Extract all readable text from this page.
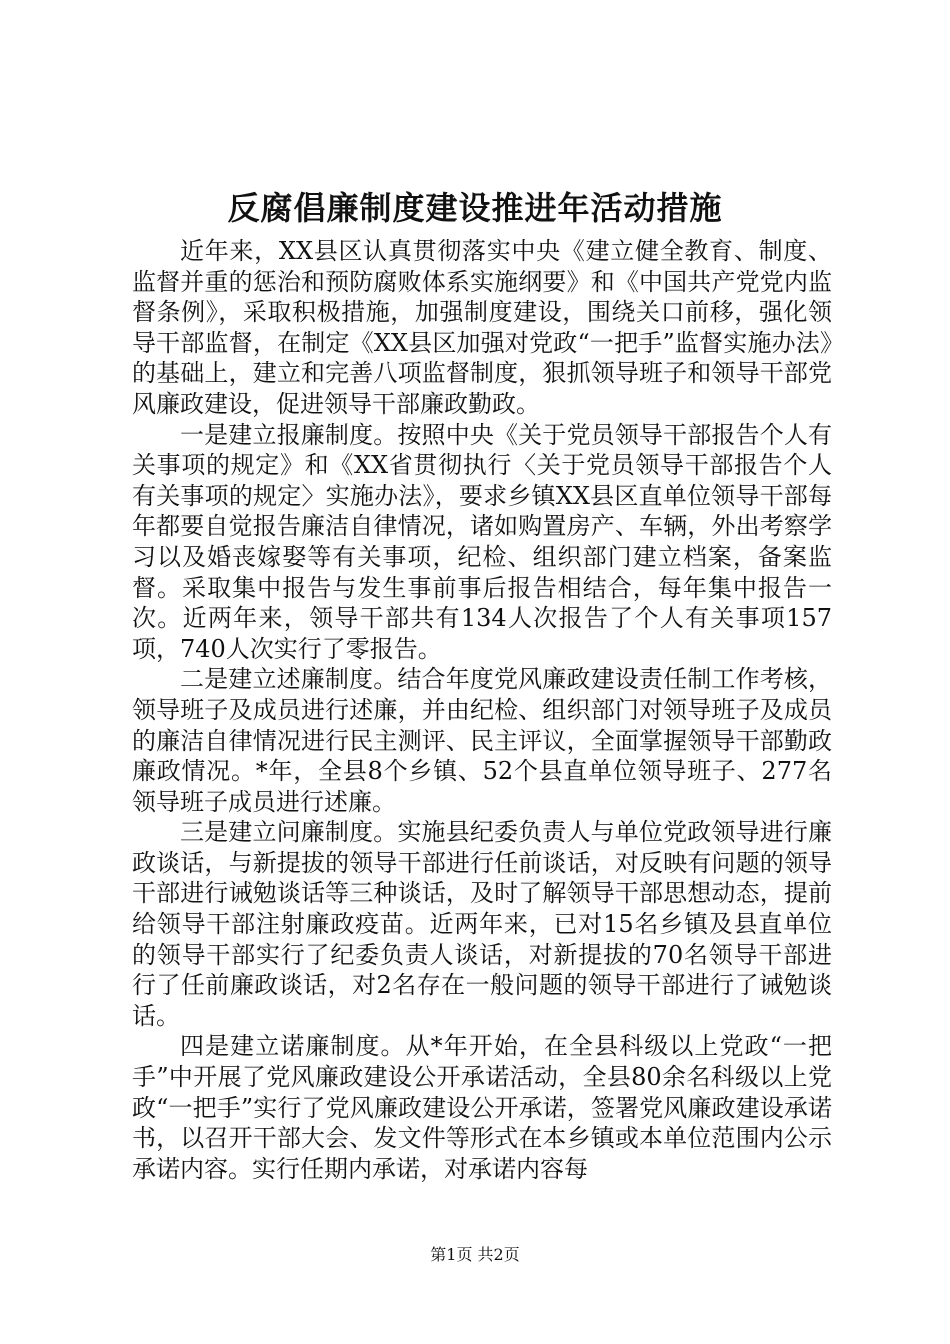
反腐倡廉制度建设推进年活动措施

近年来，XX县区认真贯彻落实中央《建立健全教育、制度、监督并重的惩治和预防腐败体系实施纲要》和《中国共产党党内监督条例》，采取积极措施，加强制度建设，围绕关口前移，强化领导干部监督，在制定《XX县区加强对党政“一把手”监督实施办法》的基础上，建立和完善八项监督制度，狠抓领导班子和领导干部党风廉政建设，促进领导干部廉政勤政。

一是建立报廉制度。按照中央《关于党员领导干部报告个人有关事项的规定》和《XX省贯彻执行〈关于党员领导干部报告个人有关事项的规定〉实施办法》，要求乡镇XX县区直单位领导干部每年都要自觉报告廉洁自律情况，诸如购置房产、车辆，外出考察学习以及婚丧嫁娶等有关事项，纪检、组织部门建立档案，备案监督。采取集中报告与发生事前事后报告相结合，每年集中报告一次。近两年来，领导干部共有134人次报告了个人有关事项157项，740人次实行了零报告。

二是建立述廉制度。结合年度党风廉政建设责任制工作考核，领导班子及成员进行述廉，并由纪检、组织部门对领导班子及成员的廉洁自律情况进行民主测评、民主评议，全面掌握领导干部勤政廉政情况。*年，全县8个乡镇、52个县直单位领导班子、277名领导班子成员进行述廉。

三是建立问廉制度。实施县纪委负责人与单位党政领导进行廉政谈话，与新提拔的领导干部进行任前谈话，对反映有问题的领导干部进行诫勉谈话等三种谈话，及时了解领导干部思想动态，提前给领导干部注射廉政疫苗。近两年来，已对15名乡镇及县直单位的领导干部实行了纪委负责人谈话，对新提拔的70名领导干部进行了任前廉政谈话，对2名存在一般问题的领导干部进行了诫勉谈话。

四是建立诺廉制度。从*年开始，在全县科级以上党政“一把手”中开展了党风廉政建设公开承诺活动，全县80余名科级以上党政“一把手”实行了党风廉政建设公开承诺，签署党风廉政建设承诺书，以召开干部大会、发文件等形式在本乡镇或本单位范围内公示承诺内容。实行任期内承诺，对承诺内容每

第1页 共2页
